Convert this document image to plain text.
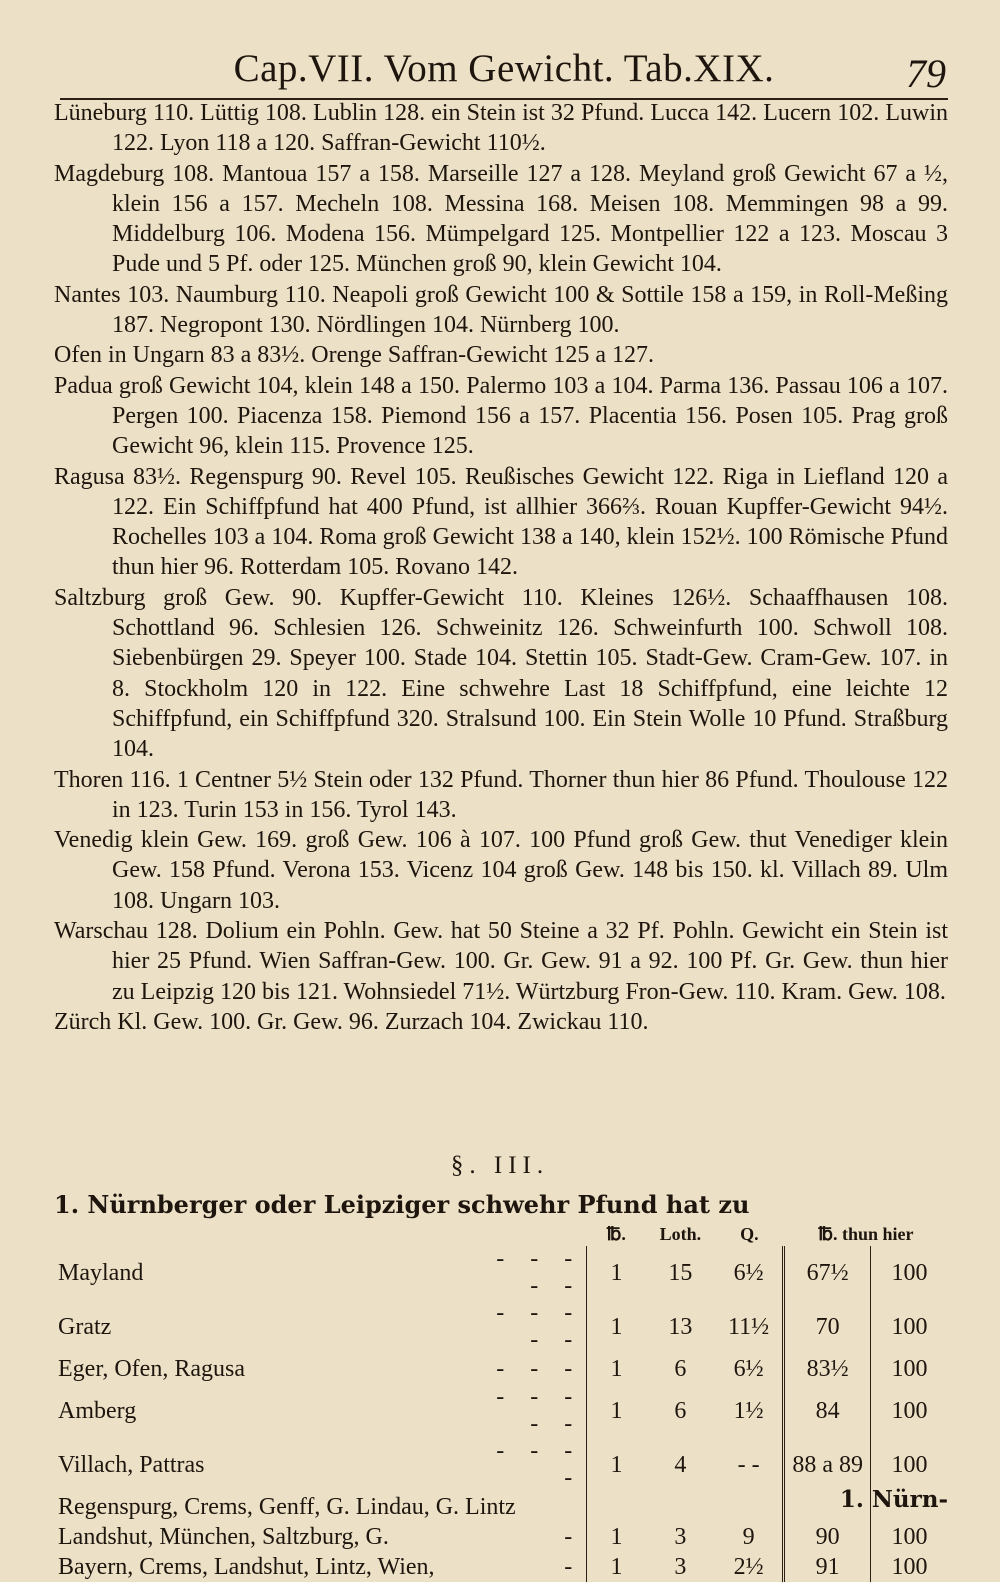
Cap.VII. Vom Gewicht. Tab.XIX.	79

Lüneburg 110. Lüttig 108. Lublin 128. ein Stein ist 32 Pfund. Lucca 142. Lucern 102. Luwin 122. Lyon 118 a 120. Saffran-Gewicht 110½.

Magdeburg 108. Mantoua 157 a 158. Marseille 127 a 128. Meyland groß Gewicht 67 a ½, klein 156 a 157. Mecheln 108. Messina 168. Meisen 108. Memmingen 98 a 99. Middelburg 106. Modena 156. Mümpelgard 125. Montpellier 122 a 123. Moscau 3 Pude und 5 Pf. oder 125. München groß 90, klein Gewicht 104.

Nantes 103. Naumburg 110. Neapoli groß Gewicht 100 & Sottile 158 a 159, in Roll-Meßing 187. Negropont 130. Nördlingen 104. Nürnberg 100.

Ofen in Ungarn 83 a 83½. Orenge Saffran-Gewicht 125 a 127.

Padua groß Gewicht 104, klein 148 a 150. Palermo 103 a 104. Parma 136. Passau 106 a 107. Pergen 100. Piacenza 158. Piemond 156 a 157. Placentia 156. Posen 105. Prag groß Gewicht 96, klein 115. Provence 125.

Ragusa 83½. Regenspurg 90. Revel 105. Reußisches Gewicht 122. Riga in Liefland 120 a 122. Ein Schiffpfund hat 400 Pfund, ist allhier 366⅔. Rouan Kupffer-Gewicht 94½. Rochelles 103 a 104. Roma groß Gewicht 138 a 140, klein 152½. 100 Römische Pfund thun hier 96. Rotterdam 105. Rovano 142.

Saltzburg groß Gew. 90. Kupffer-Gewicht 110. Kleines 126½. Schaaffhausen 108. Schottland 96. Schlesien 126. Schweinitz 126. Schweinfurth 100. Schwoll 108. Siebenbürgen 29. Speyer 100. Stade 104. Stettin 105. Stadt-Gew. Cram-Gew. 107. in 8. Stockholm 120 in 122. Eine schwehre Last 18 Schiffpfund, eine leichte 12 Schiffpfund, ein Schiffpfund 320. Stralsund 100. Ein Stein Wolle 10 Pfund. Straßburg 104.

Thoren 116. 1 Centner 5½ Stein oder 132 Pfund. Thorner thun hier 86 Pfund. Thoulouse 122 in 123. Turin 153 in 156. Tyrol 143.

Venedig klein Gew. 169. groß Gew. 106 à 107. 100 Pfund groß Gew. thut Venediger klein Gew. 158 Pfund. Verona 153. Vicenz 104 groß Gew. 148 bis 150. kl. Villach 89. Ulm 108. Ungarn 103.

Warschau 128. Dolium ein Pohln. Gew. hat 50 Steine a 32 Pf. Pohln. Gewicht ein Stein ist hier 25 Pfund. Wien Saffran-Gew. 100. Gr. Gew. 91 a 92. 100 Pf. Gr. Gew. thun hier zu Leipzig 120 bis 121. Wohnsiedel 71½. Würtzburg Fron-Gew. 110. Kram. Gew. 108.

Zürch Kl. Gew. 100. Gr. Gew. 96. Zurzach 104. Zwickau 110.

§. III.
1. Nürnberger oder Leipziger schwehr Pfund hat zu
		℔.	Loth.	Q.	℔. thun hier	
Mayland	- - - - -	1	15	6½	67½	100
Gratz	- - - - -	1	13	11½	70	100
Eger, Ofen, Ragusa	- - -	1	6	6½	83½	100
Amberg	- - - - -	1	6	1½	84	100
Villach, Pattras	- - - -	1	4	- -	88 a 89	100
Regenspurg, Crems, Genff, G. Lindau, G. Lintz						
Landshut, München, Saltzburg, G.	-	1	3	9	90	100
Bayern, Crems, Landshut, Lintz, Wien,	-	1	3	2½	91	100
1. Nürn-
